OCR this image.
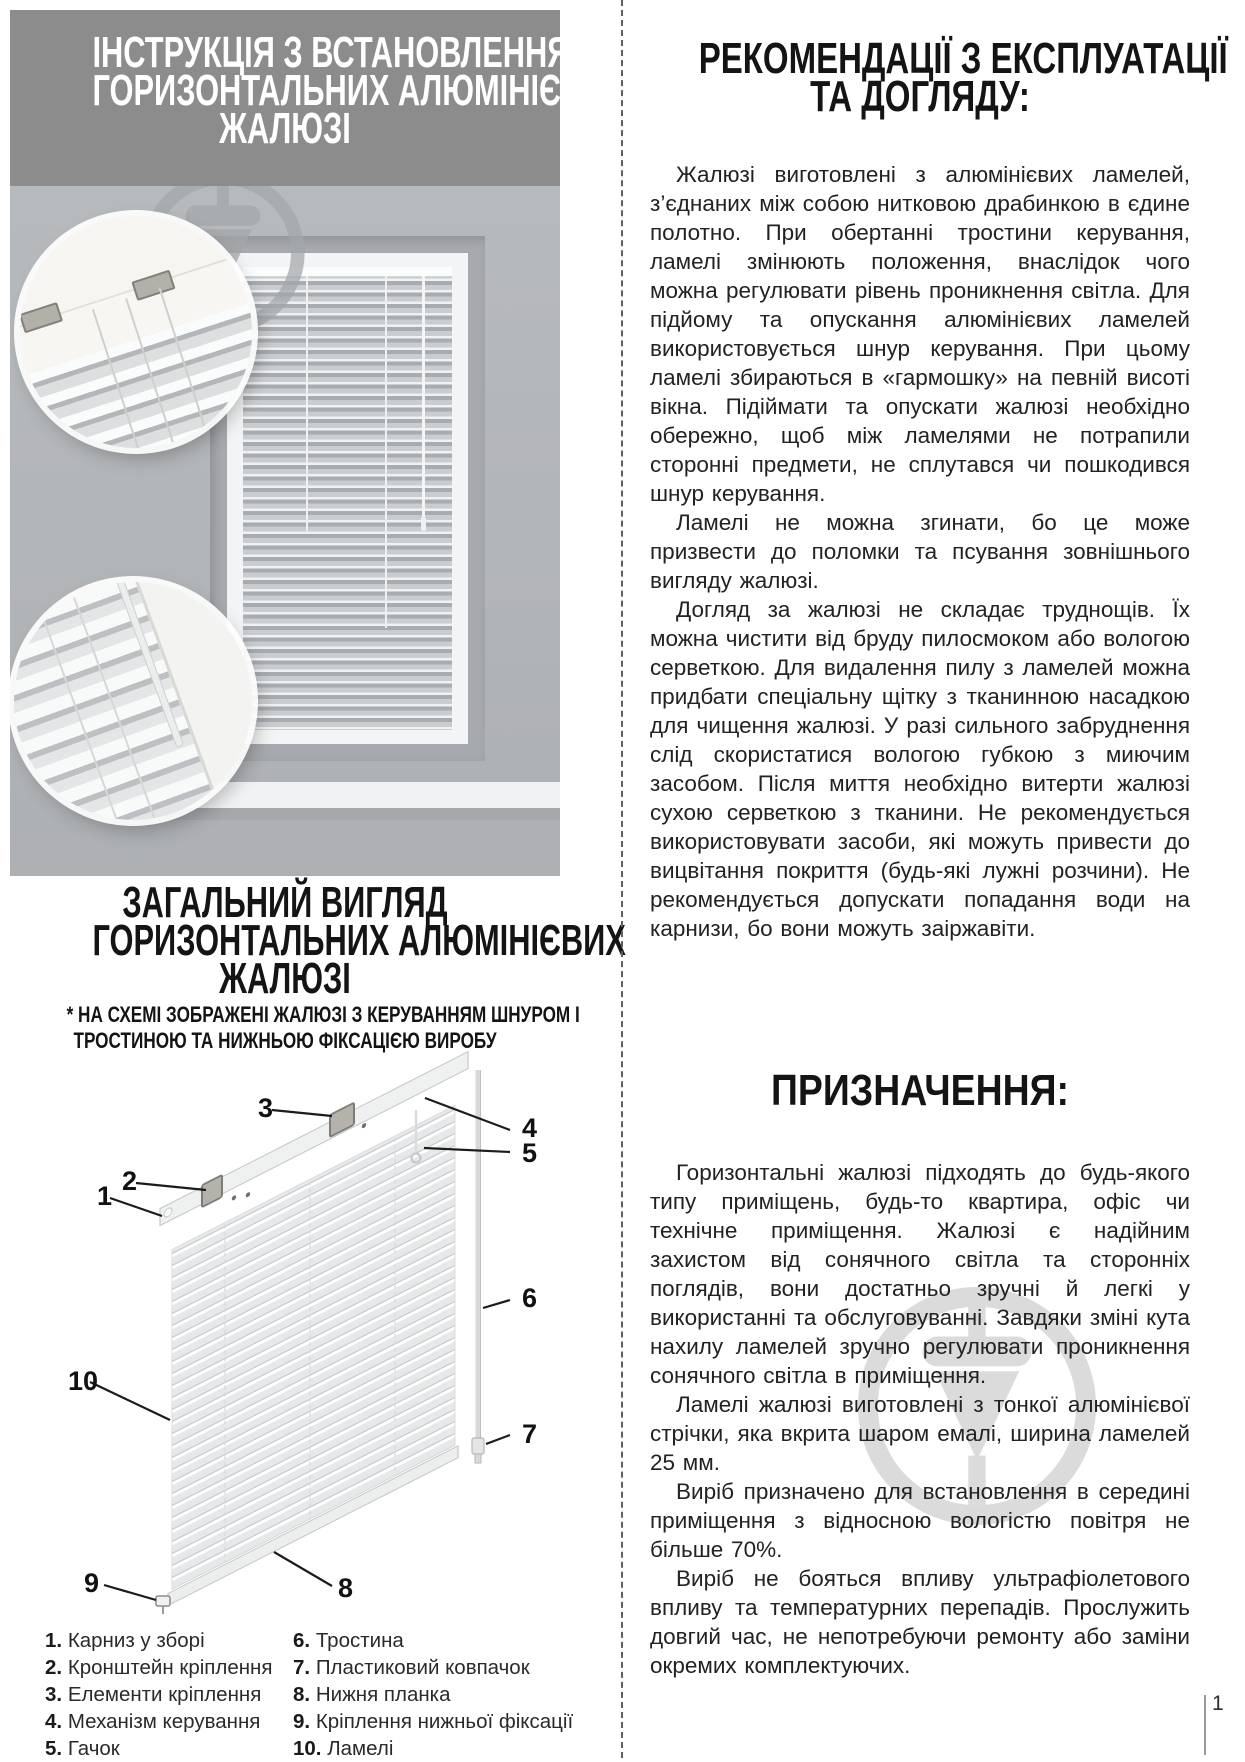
ІНСТРУКЦІЯ З ВСТАНОВЛЕННЯ
ГОРИЗОНТАЛЬНИХ АЛЮМІНІЄВИХ
ЖАЛЮЗІ
ЗАГАЛЬНИЙ ВИГЛЯД
ГОРИЗОНТАЛЬНИХ АЛЮМІНІЄВИХ
ЖАЛЮЗІ
* НА СХЕМІ ЗОБРАЖЕНІ ЖАЛЮЗІ З КЕРУВАННЯМ ШНУРОМ І
ТРОСТИНОЮ ТА НИЖНЬОЮ ФІКСАЦІЄЮ ВИРОБУ
1 2
3
4
5
6
7
8
9
10
1. Карниз у зборі	6. Тростина
2. Кронштейн кріплення	7. Пластиковий ковпачок
3. Елементи кріплення	8. Нижня планка
4. Механізм керування	9. Кріплення нижньої фіксації
5. Гачок	10. Ламелі
РЕКОМЕНДАЦІЇ З ЕКСПЛУАТАЦІЇ
ТА ДОГЛЯДУ:

Жалюзі виготовлені з алюмінієвих ламелей, з’єднаних між собою нитковою драбинкою в єдине полотно. При обертанні тростини керування, ламелі змінюють положення, внаслідок чого можна регулювати рівень проникнення світла. Для підйому та опускання алюмінієвих ламелей використовується шнур керування. При цьому ламелі збираються в «гармошку» на певній висоті вікна. Підіймати та опускати жалюзі необхідно обережно, щоб між ламелями не потрапили сторонні предмети, не сплутався чи пошкодився шнур керування.

Ламелі не можна згинати, бо це може призвести до поломки та псування зовнішнього вигляду жалюзі.

Догляд за жалюзі не складає труднощів. Їх можна чистити від бруду пилосмоком або вологою серветкою. Для видалення пилу з ламелей можна придбати спеціальну щітку з тканинною насадкою для чищення жалюзі. У разі сильного забруднення слід скористатися вологою губкою з миючим засобом. Після миття необхідно витерти жалюзі сухою серветкою з тканини. Не рекомендується використовувати засоби, які можуть привести до вицвітання покриття (будь-які лужні розчини). Не рекомендується допускати попадання води на карнизи, бо вони можуть заіржавіти.

ПРИЗНАЧЕННЯ:

Горизонтальні жалюзі підходять до будь-якого типу приміщень, будь-то квартира, офіс чи технічне приміщення. Жалюзі є надійним захистом від сонячного світла та сторонніх поглядів, вони достатньо зручні й легкі у використанні та обслуговуванні. Завдяки зміні кута нахилу ламелей зручно регулювати проникнення сонячного світла в приміщення.

Ламелі жалюзі виготовлені з тонкої алюмінієвої стрічки, яка вкрита шаром емалі, ширина ламелей 25 мм.

Виріб призначено для встановлення в середині приміщення з відносною вологістю повітря не більше 70%.

Виріб не бояться впливу ультрафіолетового впливу та температурних перепадів. Прослужить довгий час, не непотребуючи ремонту або заміни окремих комплектуючих.

1
